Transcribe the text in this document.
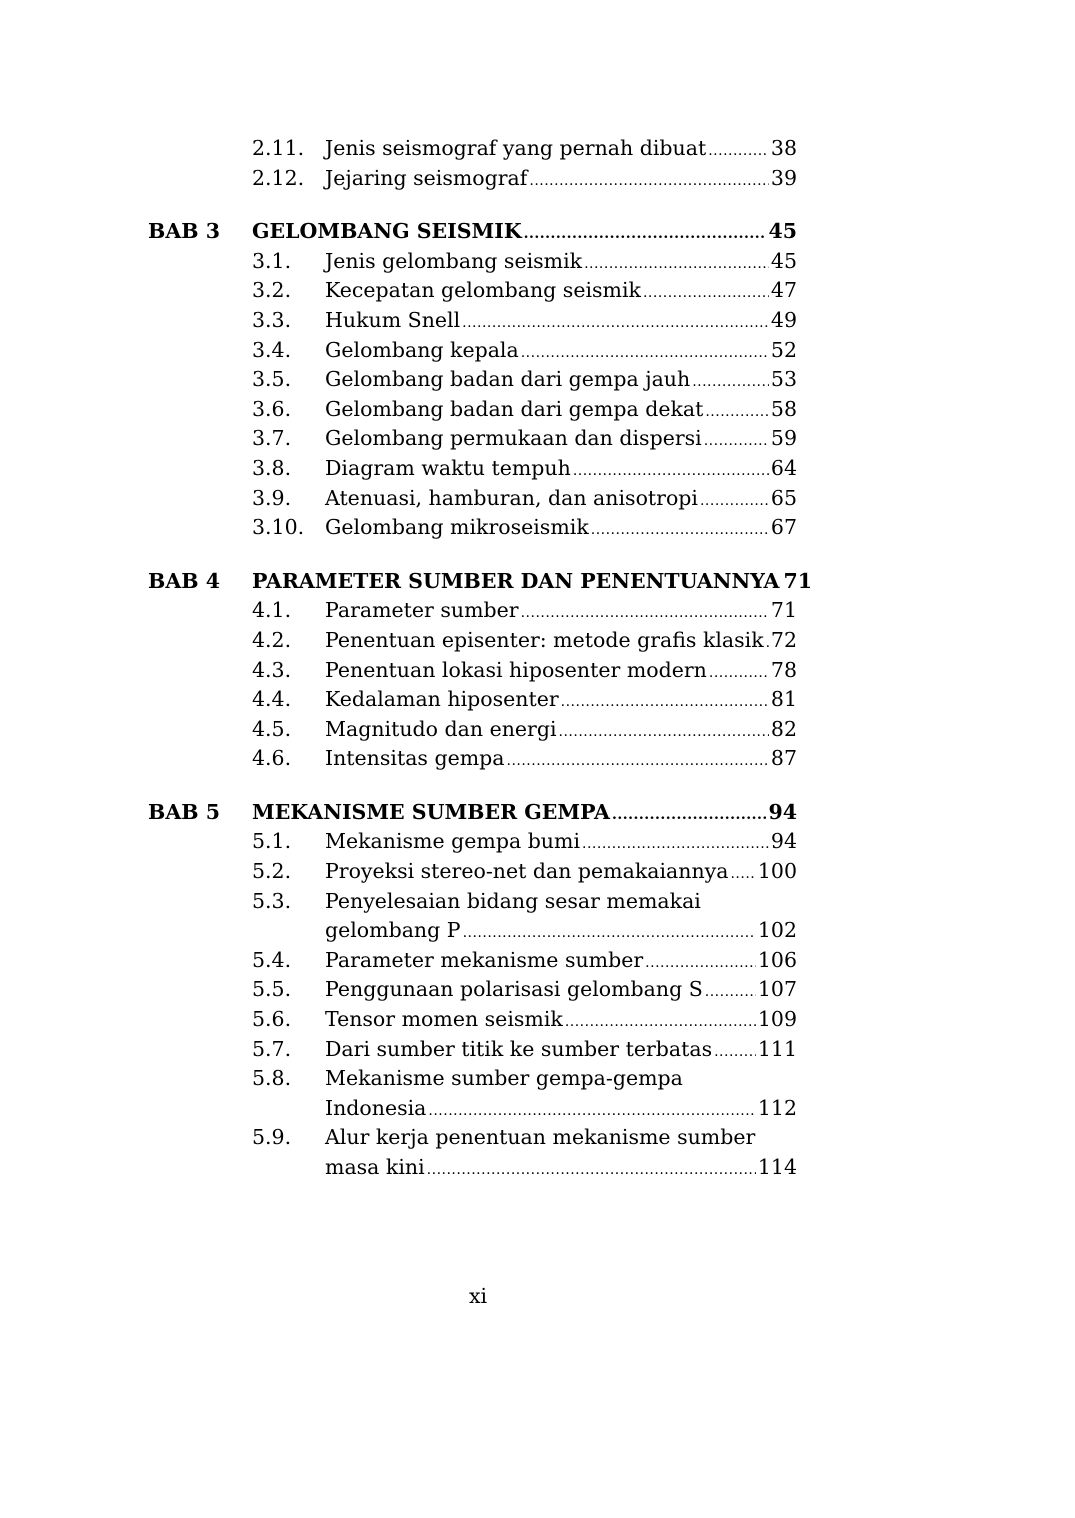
2.11. Jenis seismograf yang pernah dibuat .....	38
2.12. Jejaring seismograf .....	39
BAB 3 GELOMBANG SEISMIK .....	45
3.1. Jenis gelombang seismik .....	45
3.2. Kecepatan gelombang seismik .....	47
3.3. Hukum Snell .....	49
3.4. Gelombang kepala .....	52
3.5. Gelombang badan dari gempa jauh .....	53
3.6. Gelombang badan dari gempa dekat .....	58
3.7. Gelombang permukaan dan dispersi .....	59
3.8. Diagram waktu tempuh .....	64
3.9. Atenuasi, hamburan, dan anisotropi .....	65
3.10. Gelombang mikroseismik .....	67
BAB 4 PARAMETER SUMBER DAN PENENTUANNYA 71
4.1. Parameter sumber .....	71
4.2. Penentuan episenter: metode grafis klasik ..... 72
4.3. Penentuan lokasi hiposenter modern .....	78
4.4. Kedalaman hiposenter .....	81
4.5. Magnitudo dan energi .....	82
4.6. Intensitas gempa .....	87
BAB 5 MEKANISME SUMBER GEMPA .....	94
5.1. Mekanisme gempa bumi .....	94
5.2. Proyeksi stereo-net dan pemakaiannya ..... 100
5.3. Penyelesaian bidang sesar memakai
gelombang P .....	102
5.4. Parameter mekanisme sumber .....	106
5.5. Penggunaan polarisasi gelombang S .....	107
5.6. Tensor momen seismik .....	109
5.7. Dari sumber titik ke sumber terbatas ..... 111
5.8. Mekanisme sumber gempa-gempa
Indonesia .....	112
5.9. Alur kerja penentuan mekanisme sumber
masa kini .....	114
xi
